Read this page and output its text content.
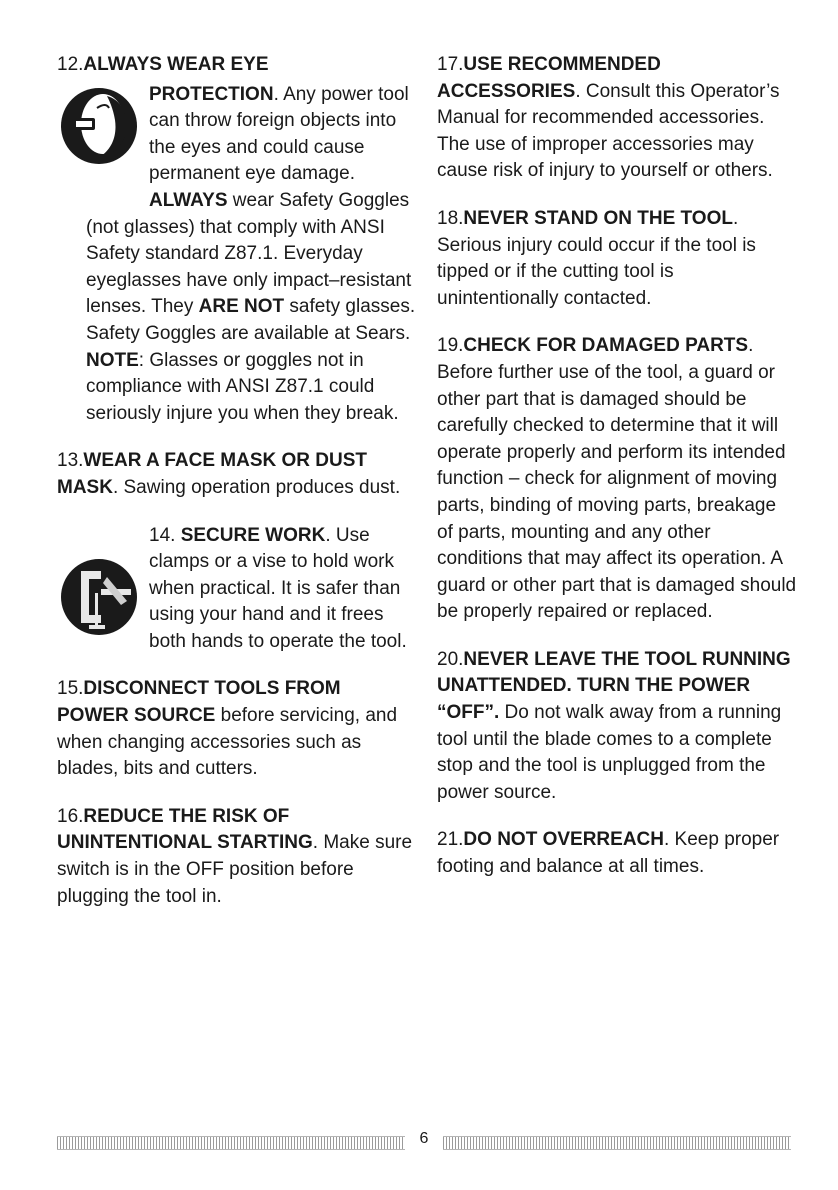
12.ALWAYS WEAR EYE
PROTECTION. Any power tool can throw foreign objects into the eyes and could cause permanent eye damage. ALWAYS wear Safety Goggles (not glasses) that comply with ANSI Safety standard Z87.1. Everyday eyeglasses have only impact–resistant lenses. They ARE NOT safety glasses. Safety Goggles are available at Sears. NOTE: Glasses or goggles not in compliance with ANSI Z87.1 could seriously injure you when they break.
13.WEAR A FACE MASK OR DUST MASK. Sawing operation produces dust.
14. SECURE WORK. Use clamps or a vise to hold work when practical. It is safer than using your hand and it frees both hands to operate the tool.
15.DISCONNECT TOOLS FROM POWER SOURCE before servicing, and when changing accessories such as blades, bits and cutters.
16.REDUCE THE RISK OF UNINTENTIONAL STARTING. Make sure switch is in the OFF position before plugging the tool in.
17.USE RECOMMENDED ACCESSORIES. Consult this Operator’s Manual for recommended accessories. The use of improper accessories may cause risk of injury to yourself or others.
18.NEVER STAND ON THE TOOL. Serious injury could occur if the tool is tipped or if the cutting tool is unintentionally contacted.
19.CHECK FOR DAMAGED PARTS. Before further use of the tool, a guard or other part that is damaged should be carefully checked to determine that it will operate properly and perform its intended function – check for alignment of moving parts, binding of moving parts, breakage of parts, mounting and any other conditions that may affect its operation. A guard or other part that is damaged should be properly repaired or replaced.
20.NEVER LEAVE THE TOOL RUNNING UNATTENDED. TURN THE POWER “OFF”. Do not walk away from a running tool until the blade comes to a complete stop and the tool is unplugged from the power source.
21.DO NOT OVERREACH. Keep proper footing and balance at all times.
6
